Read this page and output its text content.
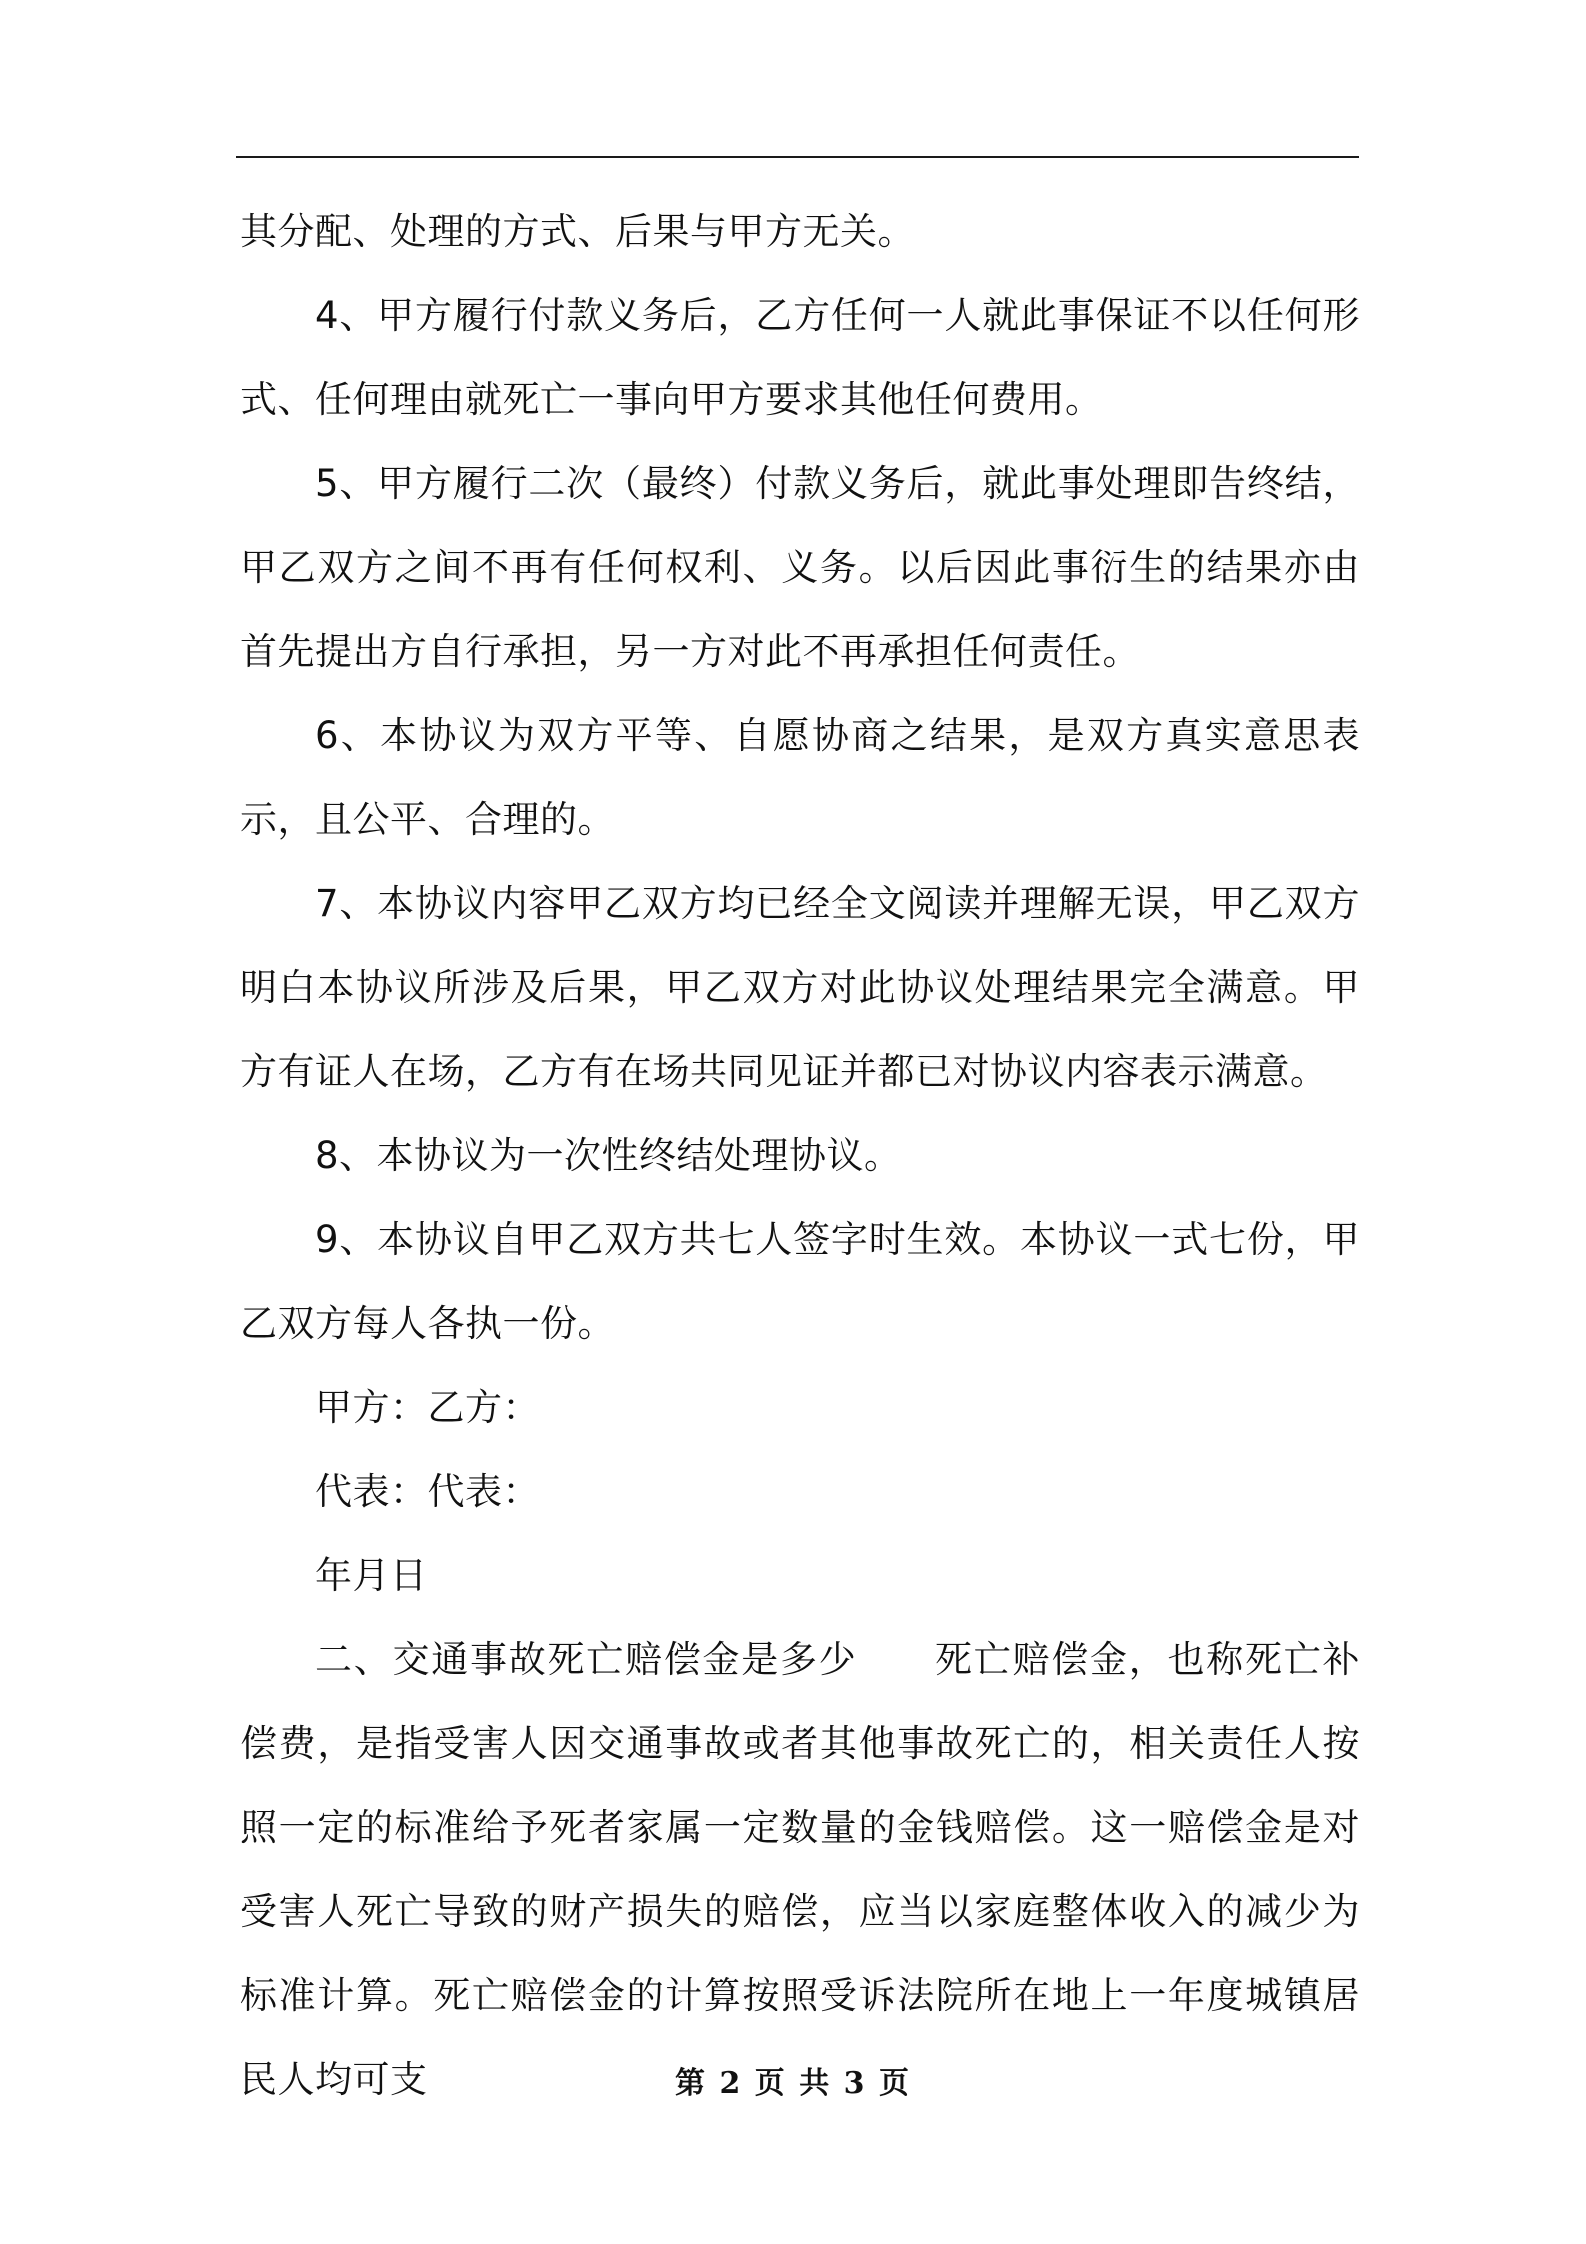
其分配、处理的方式、后果与甲方无关。

4、甲方履行付款义务后，乙方任何一人就此事保证不以任何形式、任何理由就死亡一事向甲方要求其他任何费用。

5、甲方履行二次（最终）付款义务后，就此事处理即告终结，甲乙双方之间不再有任何权利、义务。以后因此事衍生的结果亦由首先提出方自行承担，另一方对此不再承担任何责任。

6、本协议为双方平等、自愿协商之结果，是双方真实意思表示，且公平、合理的。

7、本协议内容甲乙双方均已经全文阅读并理解无误，甲乙双方明白本协议所涉及后果，甲乙双方对此协议处理结果完全满意。甲方有证人在场，乙方有在场共同见证并都已对协议内容表示满意。

8、本协议为一次性终结处理协议。

9、本协议自甲乙双方共七人签字时生效。本协议一式七份，甲乙双方每人各执一份。

甲方：乙方：

代表：代表：

年月日

二、交通事故死亡赔偿金是多少　　死亡赔偿金，也称死亡补偿费，是指受害人因交通事故或者其他事故死亡的，相关责任人按照一定的标准给予死者家属一定数量的金钱赔偿。这一赔偿金是对受害人死亡导致的财产损失的赔偿，应当以家庭整体收入的减少为标准计算。死亡赔偿金的计算按照受诉法院所在地上一年度城镇居民人均可支	第 2 页 共 3 页
